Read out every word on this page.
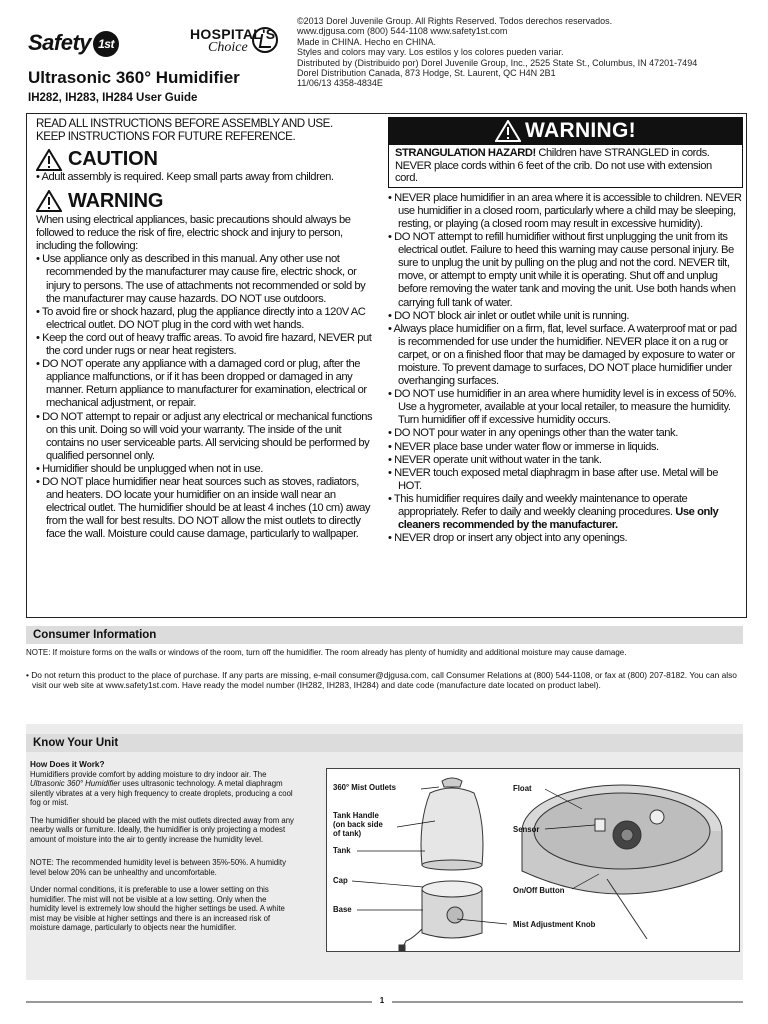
Safety 1st
HOSPITAL'S
Choice
Ultrasonic 360° Humidifier
IH282, IH283, IH284 User Guide
©2013 Dorel Juvenile Group. All Rights Reserved. Todos derechos reservados.
www.djgusa.com (800) 544-1108 www.safety1st.com
Made in CHINA. Hecho en CHINA.
Styles and colors may vary. Los estilos y los colores pueden variar.
Distributed by (Distribuido por) Dorel Juvenile Group, Inc., 2525 State St., Columbus, IN 47201-7494
Dorel Distribution Canada, 873 Hodge, St. Laurent, QC H4N 2B1
11/06/13 4358-4834E
READ ALL INSTRUCTIONS BEFORE ASSEMBLY AND USE.
KEEP INSTRUCTIONS FOR FUTURE REFERENCE.
CAUTION
• Adult assembly is required. Keep small parts away from children.
WARNING
When using electrical appliances, basic precautions should always be followed to reduce the risk of fire, electric shock and injury to person, including the following:
• Use appliance only as described in this manual. Any other use not recommended by the manufacturer may cause fire, electric shock, or injury to persons. The use of attachments not recommended or sold by the manufacturer may cause hazards. DO NOT use outdoors.
• To avoid fire or shock hazard, plug the appliance directly into a 120V AC electrical outlet. DO NOT plug in the cord with wet hands.
• Keep the cord out of heavy traffic areas. To avoid fire hazard, NEVER put the cord under rugs or near heat registers.
• DO NOT operate any appliance with a damaged cord or plug, after the appliance malfunctions, or if it has been dropped or damaged in any manner. Return appliance to manufacturer for examination, electrical or mechanical adjustment, or repair.
• DO NOT attempt to repair or adjust any electrical or mechanical functions on this unit. Doing so will void your warranty. The inside of the unit contains no user serviceable parts. All servicing should be performed by qualified personnel only.
• Humidifier should be unplugged when not in use.
• DO NOT place humidifier near heat sources such as stoves, radiators, and heaters. DO locate your humidifier on an inside wall near an electrical outlet. The humidifier should be at least 4 inches (10 cm) away from the wall for best results. DO NOT allow the mist outlets to directly face the wall. Moisture could cause damage, particularly to wallpaper.
WARNING!
STRANGULATION HAZARD! Children have STRANGLED in cords. NEVER place cords within 6 feet of the crib. Do not use with extension cord.
• NEVER place humidifier in an area where it is accessible to children. NEVER use humidifier in a closed room, particularly where a child may be sleeping, resting, or playing (a closed room may result in excessive humidity).
• DO NOT attempt to refill humidifier without first unplugging the unit from its electrical outlet. Failure to heed this warning may cause personal injury. Be sure to unplug the unit by pulling on the plug and not the cord. NEVER tilt, move, or attempt to empty unit while it is operating. Shut off and unplug before removing the water tank and moving the unit. Use both hands when carrying full tank of water.
• DO NOT block air inlet or outlet while unit is running.
• Always place humidifier on a firm, flat, level surface. A waterproof mat or pad is recommended for use under the humidifier. NEVER place it on a rug or carpet, or on a finished floor that may be damaged by exposure to water or moisture. To prevent damage to surfaces, DO NOT place humidifier under overhanging surfaces.
• DO NOT use humidifier in an area where humidity level is in excess of 50%. Use a hygrometer, available at your local retailer, to measure the humidity. Turn humidifier off if excessive humidity occurs.
• DO NOT pour water in any openings other than the water tank.
• NEVER place base under water flow or immerse in liquids.
• NEVER operate unit without water in the tank.
• NEVER touch exposed metal diaphragm in base after use. Metal will be HOT.
• This humidifier requires daily and weekly maintenance to operate appropriately. Refer to daily and weekly cleaning procedures. Use only cleaners recommended by the manufacturer.
• NEVER drop or insert any object into any openings.
Consumer Information
NOTE: If moisture forms on the walls or windows of the room, turn off the humidifier. The room already has plenty of humidity and additional moisture may cause damage.
• Do not return this product to the place of purchase. If any parts are missing, e-mail consumer@djgusa.com, call Consumer Relations at (800) 544-1108, or fax at (800) 207-8182. You can also visit our web site at www.safety1st.com. Have ready the model number (IH282, IH283, IH284) and date code (manufacture date located on product label).
Know Your Unit
How Does it Work?

Humidifiers provide comfort by adding moisture to dry indoor air. The Ultrasonic 360° Humidifier uses ultrasonic technology. A metal diaphragm silently vibrates at a very high frequency to create droplets, producing a cool fog or mist.

The humidifier should be placed with the mist outlets directed away from any nearby walls or furniture. Ideally, the humidifier is only projecting a modest amount of moisture into the air to gently increase the humidity level.

NOTE: The recommended humidity level is between 35%-50%. A humidity level below 20% can be unhealthy and uncomfortable.

Under normal conditions, it is preferable to use a lower setting on this humidifier. The mist will not be visible at a low setting. Only when the humidity level is extremely low should the higher settings be used. A white mist may be visible at higher settings and there is an increased risk of moisture damage, particularly to objects near the humidifier.

360° Mist Outlets
Tank Handle
(on back side
of tank)
Tank
Cap
Base
Float
Sensor
On/Off Button
Mist Adjustment Knob
1
